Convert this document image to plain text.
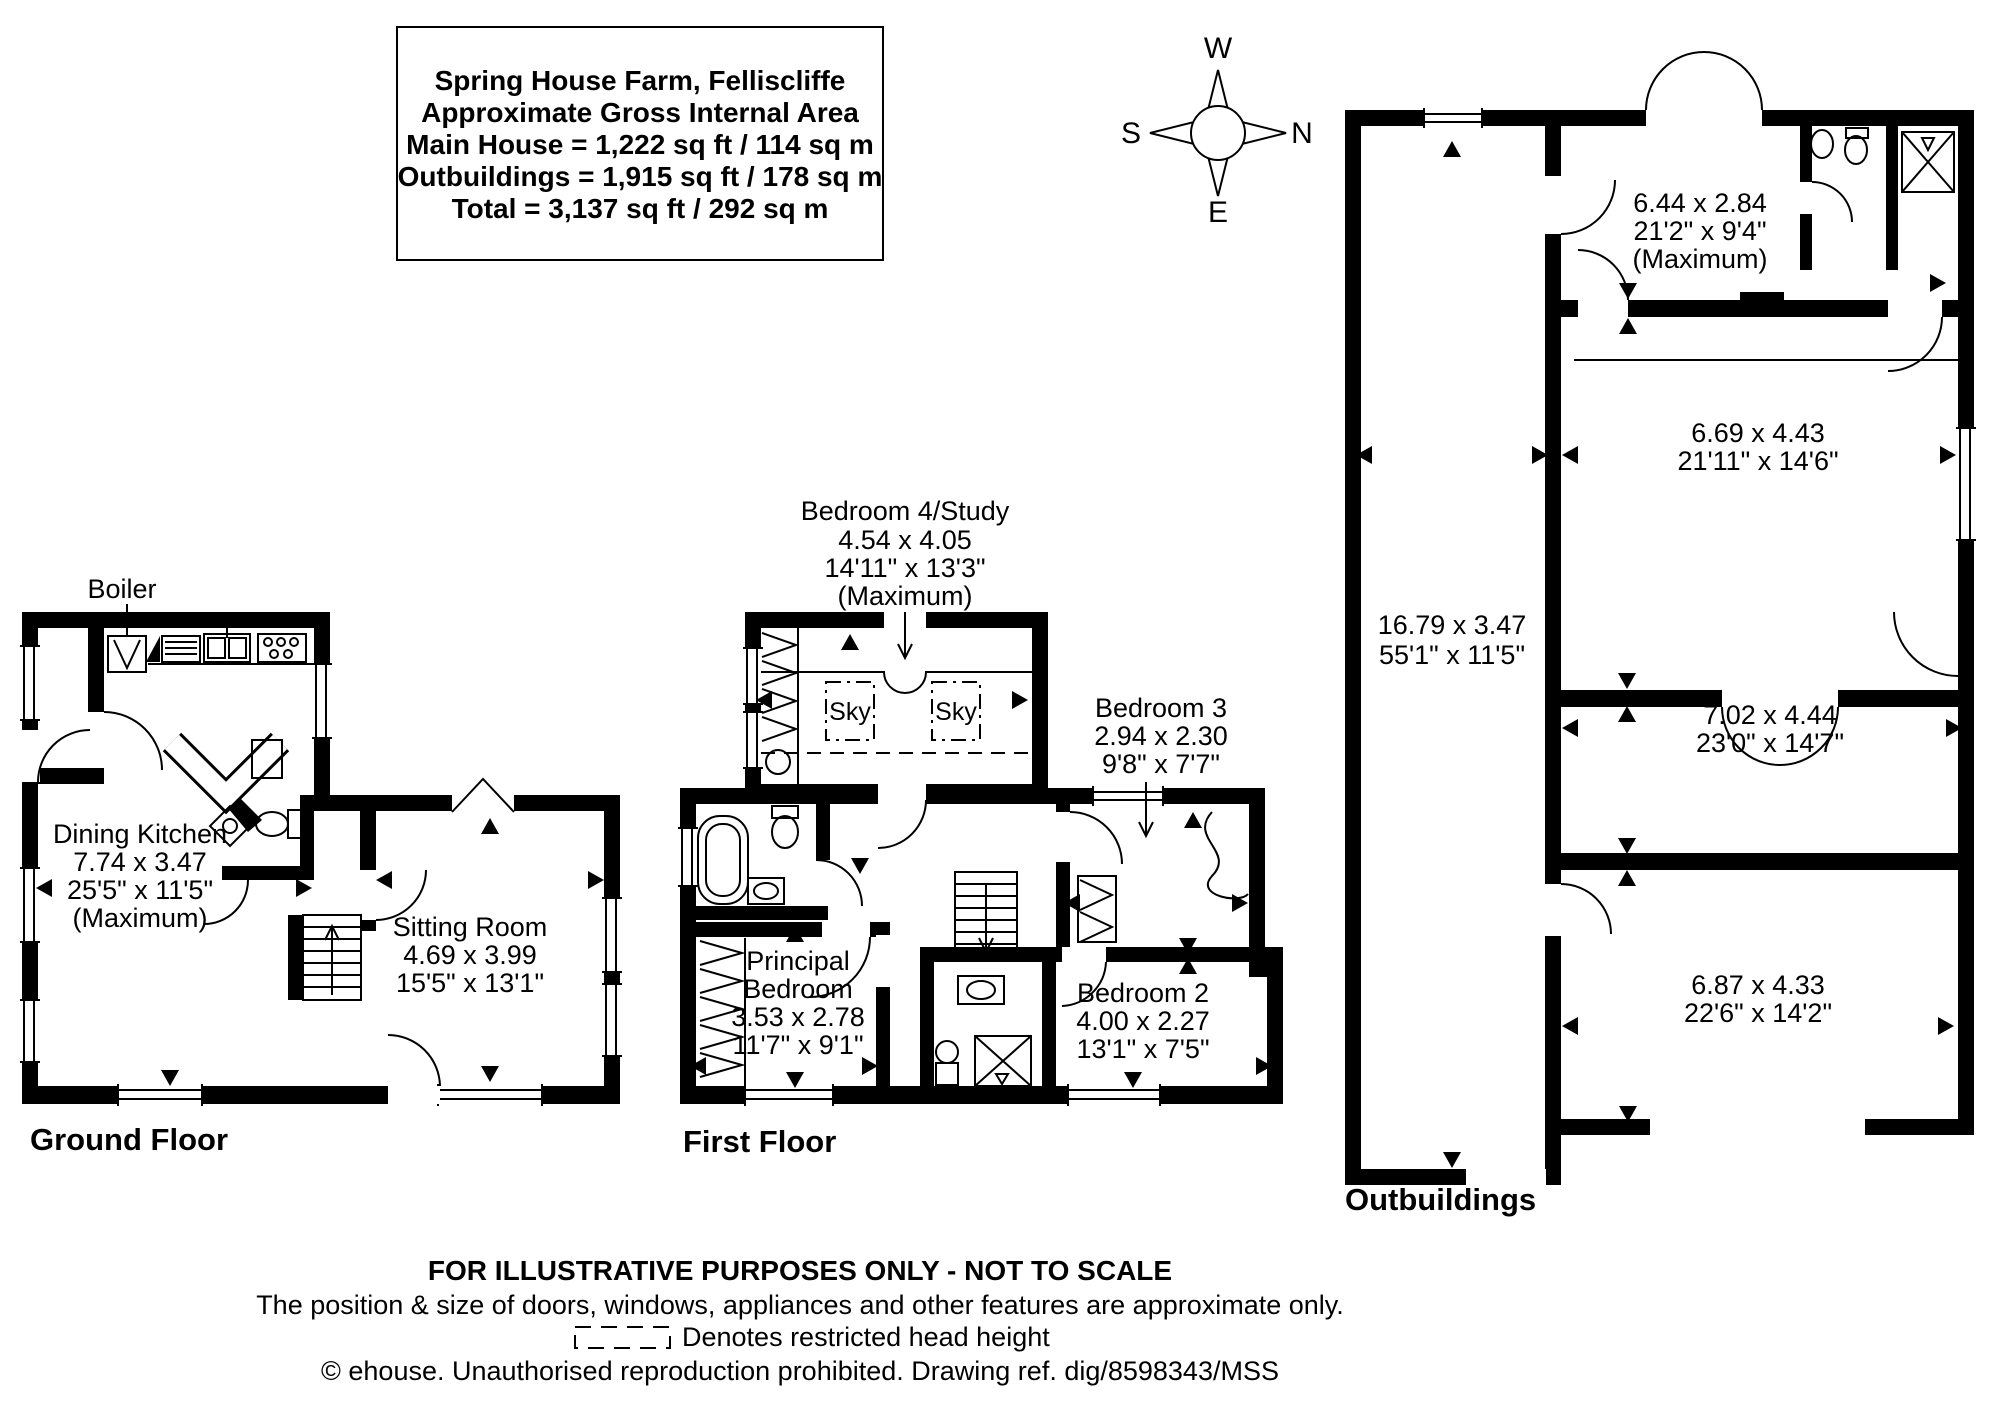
Spring House Farm, Felliscliffe
Approximate Gross Internal Area
Main House = 1,222 sq ft / 114 sq m
Outbuildings = 1,915 sq ft / 178 sq m
Total = 3,137 sq ft / 292 sq m
W
S	N
E
Boiler
Dining Kitchen
7.74 x 3.47
25'5" x 11'5"
(Maximum)	Sitting Room
4.69 x 3.99
15'5" x 13'1"
Ground Floor
Sky	Sky
Bedroom 4/Study
4.54 x 4.05
14'11" x 13'3"
(Maximum)
Bedroom 3
2.94 x 2.30
9'8" x 7'7"
Principal
Bedroom
3.53 x 2.78
11'7" x 9'1"
Bedroom 2
4.00 x 2.27
13'1" x 7'5"
First Floor
6.44 x 2.84
21'2" x 9'4"
(Maximum)
6.69 x 4.43
21'11" x 14'6"
16.79 x 3.47
55'1" x 11'5"
7.02 x 4.44
23'0" x 14'7"
6.87 x 4.33
22'6" x 14'2"
Outbuildings
FOR ILLUSTRATIVE PURPOSES ONLY - NOT TO SCALE
The position & size of doors, windows, appliances and other features are approximate only.
Denotes restricted head height
© ehouse. Unauthorised reproduction prohibited. Drawing ref. dig/8598343/MSS
